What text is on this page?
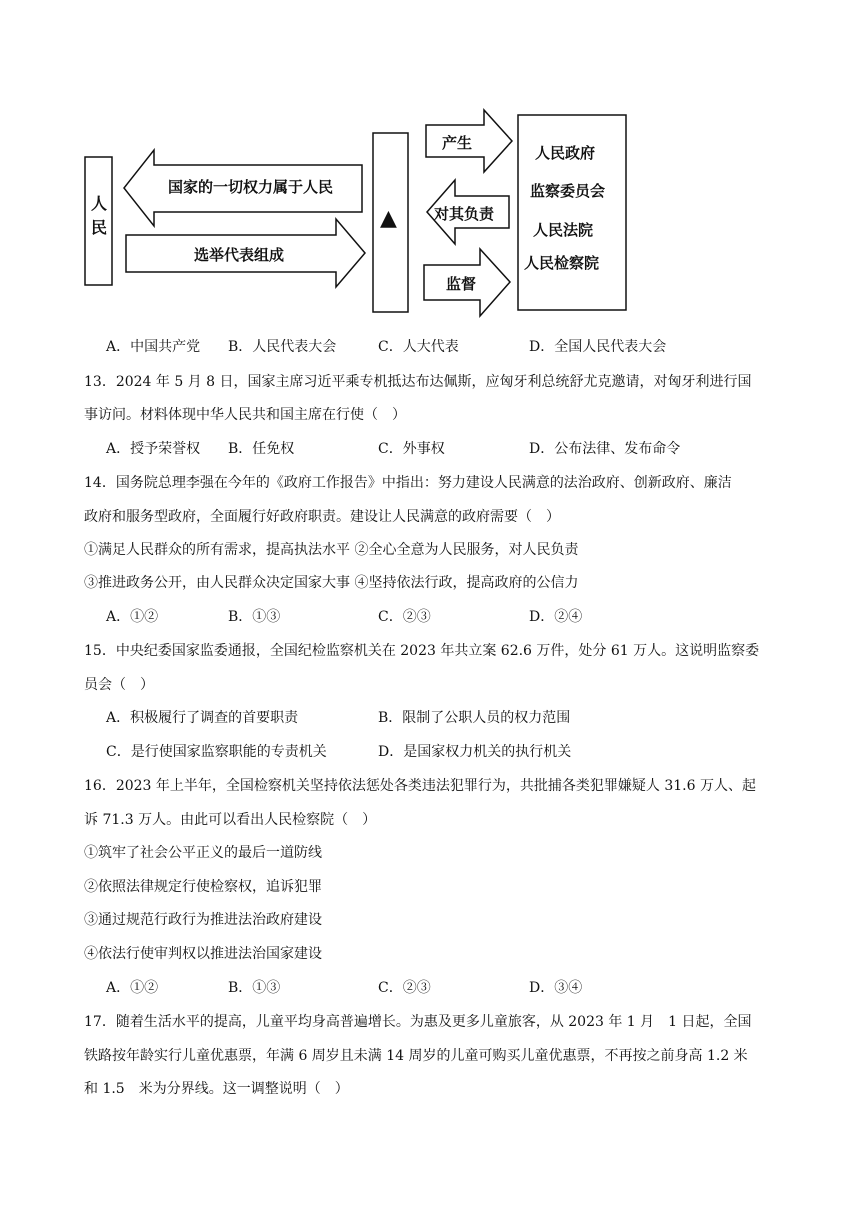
人民
国家的一切权力属于人民
选举代表组成
▲
产生
对其负责
监督
人民政府
监察委员会
人民法院
人民检察院
A．中国共产党 B．人民代表大会	C．人大代表	D．全国人民代表大会
13．2024 年 5 月 8 日，国家主席习近平乘专机抵达布达佩斯，应匈牙利总统舒尤克邀请，对匈牙利进行国
事访问。材料体现中华人民共和国主席在行使（　）
A．授予荣誉权 B．任免权	C．外事权	D．公布法律、发布命令
14．国务院总理李强在今年的《政府工作报告》中指出：努力建设人民满意的法治政府、创新政府、廉洁
政府和服务型政府，全面履行好政府职责。建设让人民满意的政府需要（　）
①满足人民群众的所有需求，提高执法水平 ②全心全意为人民服务，对人民负责
③推进政务公开，由人民群众决定国家大事 ④坚持依法行政，提高政府的公信力
A．①②	B．①③	C．②③	D．②④
15．中央纪委国家监委通报，全国纪检监察机关在 2023 年共立案 62.6 万件，处分 61 万人。这说明监察委
员会（　）
A．积极履行了调查的首要职责	B．限制了公职人员的权力范围
C．是行使国家监察职能的专责机关	D．是国家权力机关的执行机关
16．2023 年上半年，全国检察机关坚持依法惩处各类违法犯罪行为，共批捕各类犯罪嫌疑人 31.6 万人、起
诉 71.3 万人。由此可以看出人民检察院（　）
①筑牢了社会公平正义的最后一道防线
②依照法律规定行使检察权，追诉犯罪
③通过规范行政行为推进法治政府建设
④依法行使审判权以推进法治国家建设
A．①②	B．①③	C．②③	D．③④
17．随着生活水平的提高，儿童平均身高普遍增长。为惠及更多儿童旅客，从 2023 年 1 月　1 日起，全国
铁路按年龄实行儿童优惠票，年满 6 周岁且未满 14 周岁的儿童可购买儿童优惠票，不再按之前身高 1.2 米
和 1.5　米为分界线。这一调整说明（　）
